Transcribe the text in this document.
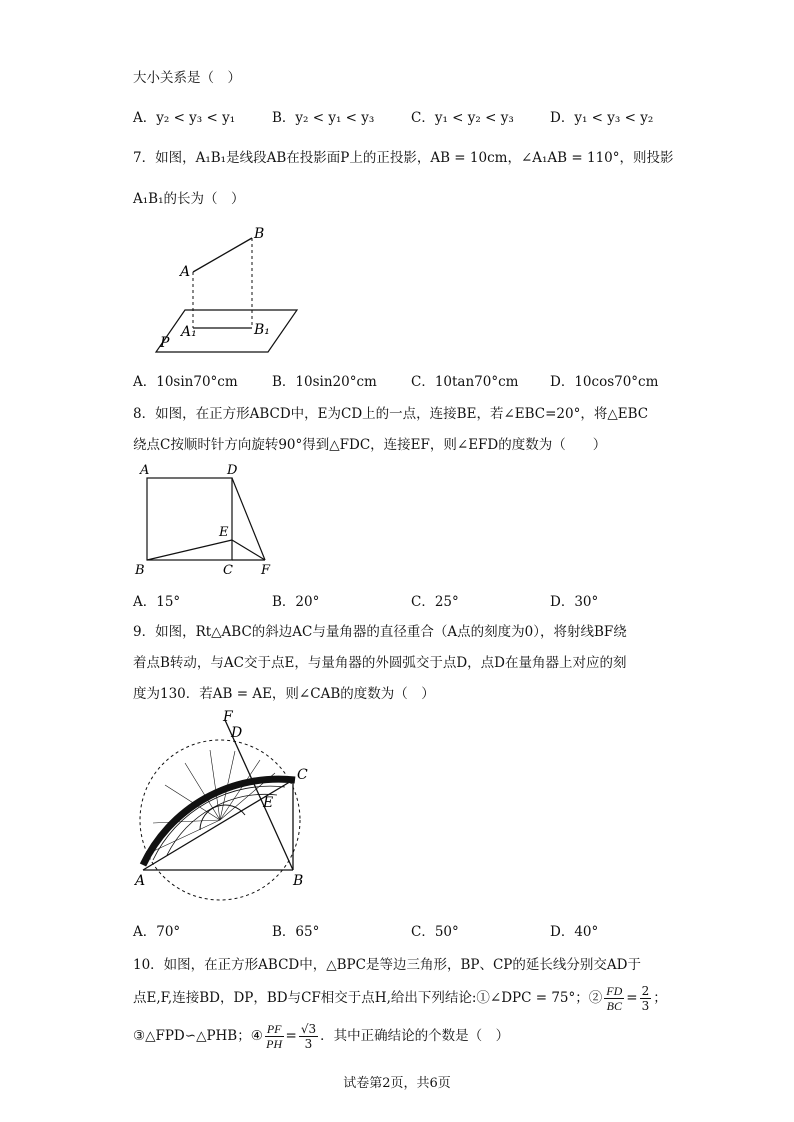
大小关系是（　）
A．y₂ < y₃ < y₁	B．y₂ < y₁ < y₃	C．y₁ < y₂ < y₃	D．y₁ < y₃ < y₂
7．如图，A₁B₁是线段AB在投影面P上的正投影，AB = 10cm，∠A₁AB = 110°，则投影
A₁B₁的长为（　）
B
A
A₁	B₁
P
A．10sin70°cm	B．10sin20°cm	C．10tan70°cm D．10cos70°cm
8．如图，在正方形ABCD中，E为CD上的一点，连接BE，若∠EBC=20°，将△EBC
绕点C按顺时针方向旋转90°得到△FDC，连接EF，则∠EFD的度数为（　　）
A	D
E
B	C F
A．15°	B．20°	C．25°	D．30°
9．如图，Rt△ABC的斜边AC与量角器的直径重合（A点的刻度为0），将射线BF绕
着点B转动，与AC交于点E，与量角器的外圆弧交于点D，点D在量角器上对应的刻
度为130．若AB = AE，则∠CAB的度数为（　）
F
D
C
E
A	B
A．70°	B．65°	C．50°	D．40°
10．如图，在正方形ABCD中，△BPC是等边三角形，BP、CP的延长线分别交AD于
点E,F,连接BD，DP，BD与CF相交于点H,给出下列结论:①∠DPC = 75°；② $\frac{FD}{BC} = \frac{2}{3}$ ；
③△FPD∽△PHB；④ $\frac{PF}{PH} = \frac{√3}{3}$ ．其中正确结论的个数是（　）
试卷第2页，共6页
